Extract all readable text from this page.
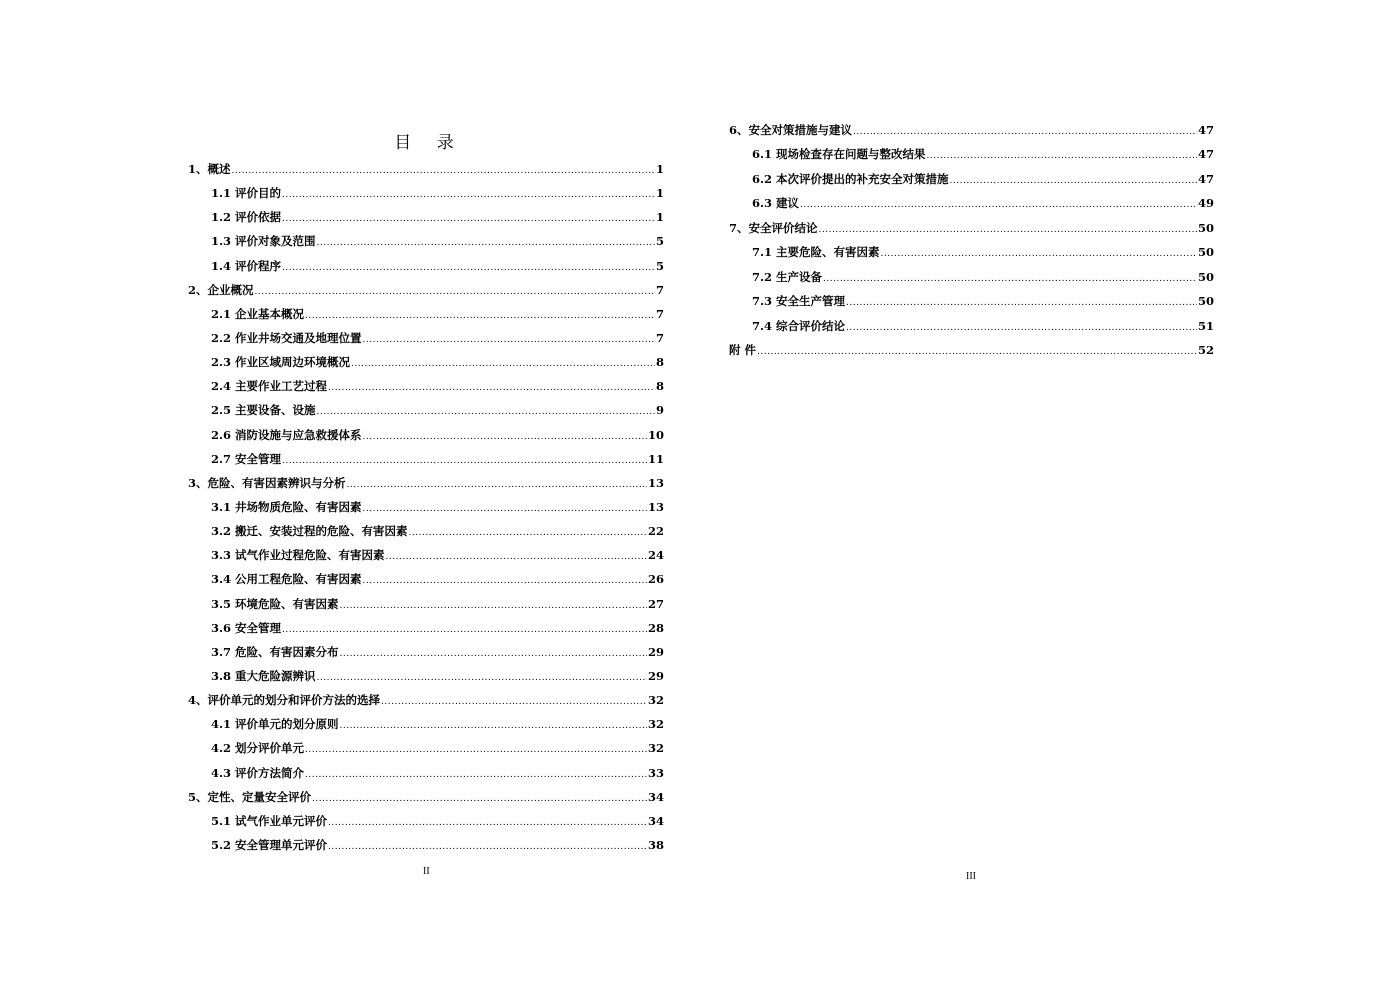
目 录
1、概述 .....	1
1.1 评价目的 .....	1
1.2 评价依据 .....	1
1.3 评价对象及范围 .....	5
1.4 评价程序 .....	5
2、企业概况 .....	7
2.1 企业基本概况 .....	7
2.2 作业井场交通及地理位置 .....	7
2.3 作业区域周边环境概况 .....	8
2.4 主要作业工艺过程 .....	8
2.5 主要设备、设施 .....	9
2.6 消防设施与应急救援体系 .....	10
2.7 安全管理 .....	11
3、危险、有害因素辨识与分析 .....	13
3.1 井场物质危险、有害因素 .....	13
3.2 搬迁、安装过程的危险、有害因素 .....	22
3.3 试气作业过程危险、有害因素 .....	24
3.4 公用工程危险、有害因素 .....	26
3.5 环境危险、有害因素 .....	27
3.6 安全管理 .....	28
3.7 危险、有害因素分布 .....	29
3.8 重大危险源辨识 .....	29
4、评价单元的划分和评价方法的选择 .....	32
4.1 评价单元的划分原则 .....	32
4.2 划分评价单元 .....	32
4.3 评价方法简介 .....	33
5、定性、定量安全评价 .....	34
5.1 试气作业单元评价 .....	34
5.2 安全管理单元评价 .....	38
6、安全对策措施与建议 .....	47
6.1 现场检查存在问题与整改结果 .....	47
6.2 本次评价提出的补充安全对策措施 .....	47
6.3 建议 .....	49
7、安全评价结论 .....	50
7.1 主要危险、有害因素 .....	50
7.2 生产设备 .....	50
7.3 安全生产管理 .....	50
7.4 综合评价结论 .....	51
附 件 .....	52
II	III
